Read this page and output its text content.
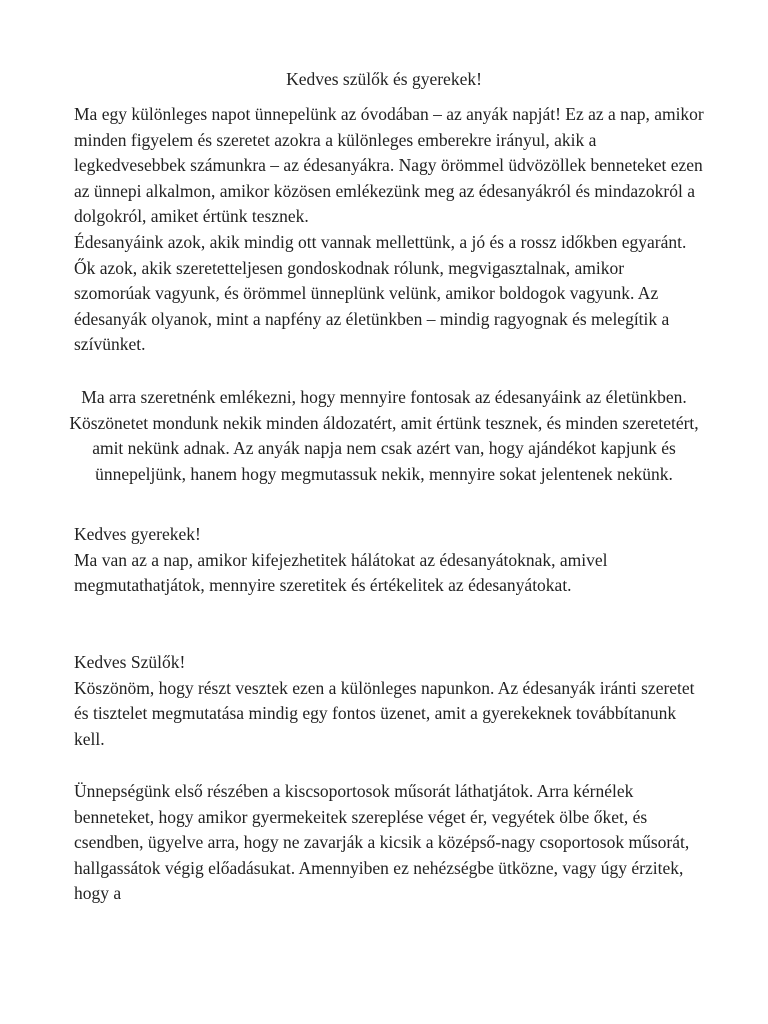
Kedves szülők és gyerekek!

Ma egy különleges napot ünnepelünk az óvodában – az anyák napját! Ez az a nap, amikor minden figyelem és szeretet azokra a különleges emberekre irányul, akik a legkedvesebbek számunkra – az édesanyákra. Nagy örömmel üdvözöllek benneteket ezen az ünnepi alkalmon, amikor közösen emlékezünk meg az édesanyákról és mindazokról a dolgokról, amiket értünk tesznek.

Édesanyáink azok, akik mindig ott vannak mellettünk, a jó és a rossz időkben egyaránt. Ők azok, akik szeretetteljesen gondoskodnak rólunk, megvigasztalnak, amikor szomorúak vagyunk, és örömmel ünneplünk velünk, amikor boldogok vagyunk. Az édesanyák olyanok, mint a napfény az életünkben – mindig ragyognak és melegítik a szívünket.

Ma arra szeretnénk emlékezni, hogy mennyire fontosak az édesanyáink az életünkben. Köszönetet mondunk nekik minden áldozatért, amit értünk tesznek, és minden szeretetért, amit nekünk adnak. Az anyák napja nem csak azért van, hogy ajándékot kapjunk és ünnepeljünk, hanem hogy megmutassuk nekik, mennyire sokat jelentenek nekünk.

Kedves gyerekek!

Ma van az a nap, amikor kifejezhetitek hálátokat az édesanyátoknak, amivel megmutathatjátok, mennyire szeretitek és értékelitek az édesanyátokat.

Kedves Szülők!

Köszönöm, hogy részt vesztek ezen a különleges napunkon. Az édesanyák iránti szeretet és tisztelet megmutatása mindig egy fontos üzenet, amit a gyerekeknek továbbítanunk kell.

Ünnepségünk első részében a kiscsoportosok műsorát láthatjátok. Arra kérnélek benneteket, hogy amikor gyermekeitek szereplése véget ér, vegyétek ölbe őket, és csendben, ügyelve arra, hogy ne zavarják a kicsik a középső-nagy csoportosok műsorát, hallgassátok végig előadásukat. Amennyiben ez nehézségbe ütközne, vagy úgy érzitek, hogy a
